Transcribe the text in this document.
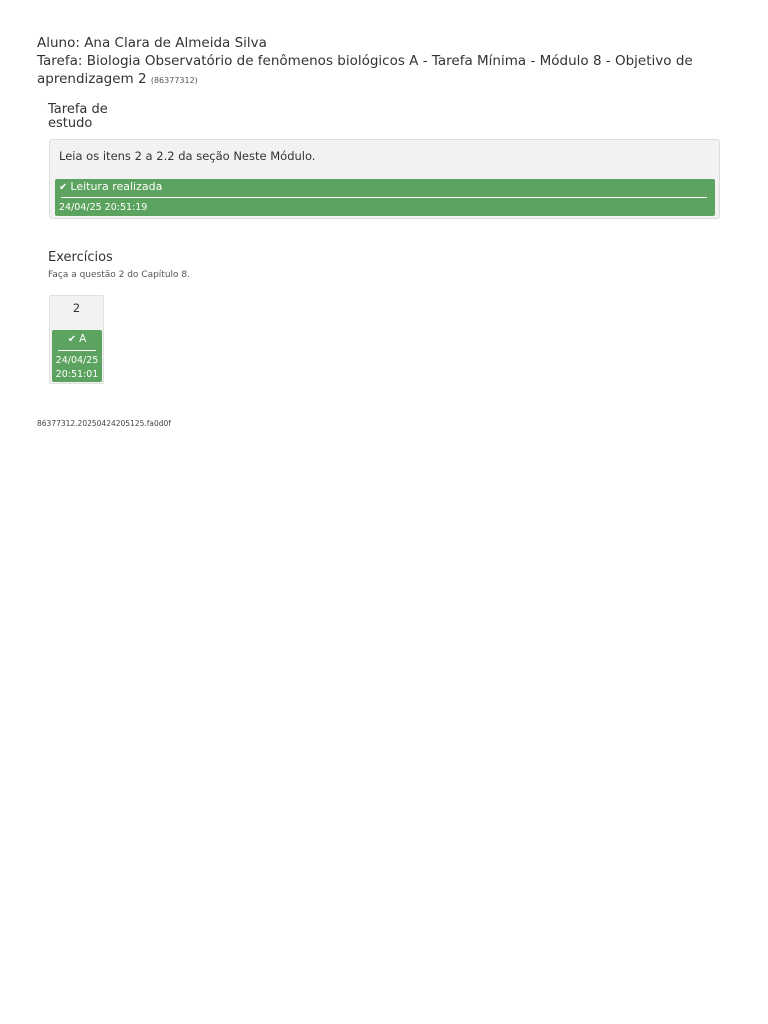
Aluno: Ana Clara de Almeida Silva
Tarefa: Biologia Observatório de fenômenos biológicos A - Tarefa Mínima - Módulo 8 - Objetivo de aprendizagem 2 (86377312)
Tarefa de estudo
Leia os itens 2 a 2.2 da seção Neste Módulo.
✔ Leitura realizada
24/04/25 20:51:19
Exercícios
Faça a questão 2 do Capítulo 8.
2
✔ A
24/04/25
20:51:01
86377312.20250424205125.fa0d0f
